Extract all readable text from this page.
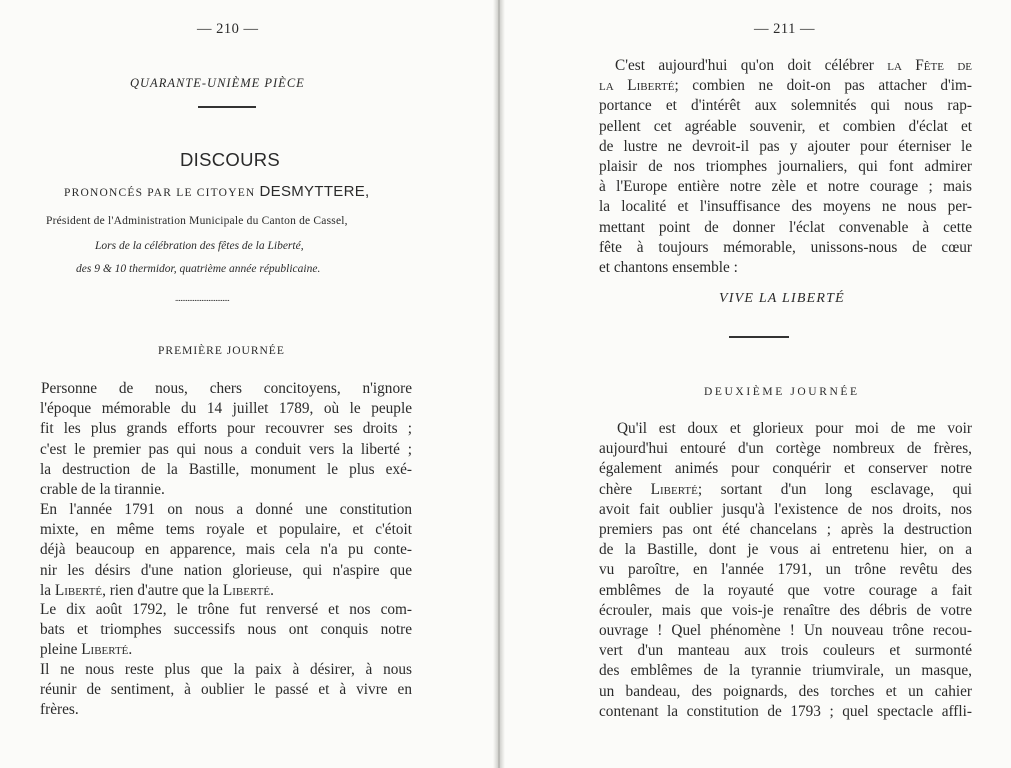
— 210 —
QUARANTE-UNIÈME PIÈCE
DISCOURS
PRONONCÉS PAR LE CITOYEN DESMYTTERE,
Président de l'Administration Municipale du Canton de Cassel,
Lors de la célébration des fêtes de la Liberté,
des 9 & 10 thermidor, quatrième année républicaine.
...............................
PREMIÈRE JOURNÉE
Personne de nous, chers concitoyens, n'ignore
l'époque mémorable du 14 juillet 1789, où le peuple
fit les plus grands efforts pour recouvrer ses droits ;
c'est le premier pas qui nous a conduit vers la liberté ;
la destruction de la Bastille, monument le plus exé-
crable de la tirannie.
En l'année 1791 on nous a donné une constitution
mixte, en même tems royale et populaire, et c'étoit
déjà beaucoup en apparence, mais cela n'a pu conte-
nir les désirs d'une nation glorieuse, qui n'aspire que
la Liberté, rien d'autre que la Liberté.
Le dix août 1792, le trône fut renversé et nos com-
bats et triomphes successifs nous ont conquis notre
pleine Liberté.
Il ne nous reste plus que la paix à désirer, à nous
réunir de sentiment, à oublier le passé et à vivre en
frères.
— 211 —
C'est aujourd'hui qu'on doit célébrer la Fête de
la Liberté; combien ne doit-on pas attacher d'im-
portance et d'intérêt aux solemnités qui nous rap-
pellent cet agréable souvenir, et combien d'éclat et
de lustre ne devroit-il pas y ajouter pour éterniser le
plaisir de nos triomphes journaliers, qui font admirer
à l'Europe entière notre zèle et notre courage ; mais
la localité et l'insuffisance des moyens ne nous per-
mettant point de donner l'éclat convenable à cette
fête à toujours mémorable, unissons-nous de cœur
et chantons ensemble :
VIVE LA LIBERTÉ
DEUXIÈME JOURNÉE
Qu'il est doux et glorieux pour moi de me voir
aujourd'hui entouré d'un cortège nombreux de frères,
également animés pour conquérir et conserver notre
chère Liberté; sortant d'un long esclavage, qui
avoit fait oublier jusqu'à l'existence de nos droits, nos
premiers pas ont été chancelans ; après la destruction
de la Bastille, dont je vous ai entretenu hier, on a
vu paroître, en l'année 1791, un trône revêtu des
emblêmes de la royauté que votre courage a fait
écrouler, mais que vois-je renaître des débris de votre
ouvrage ! Quel phénomène ! Un nouveau trône recou-
vert d'un manteau aux trois couleurs et surmonté
des emblêmes de la tyrannie triumvirale, un masque,
un bandeau, des poignards, des torches et un cahier
contenant la constitution de 1793 ; quel spectacle affli-
